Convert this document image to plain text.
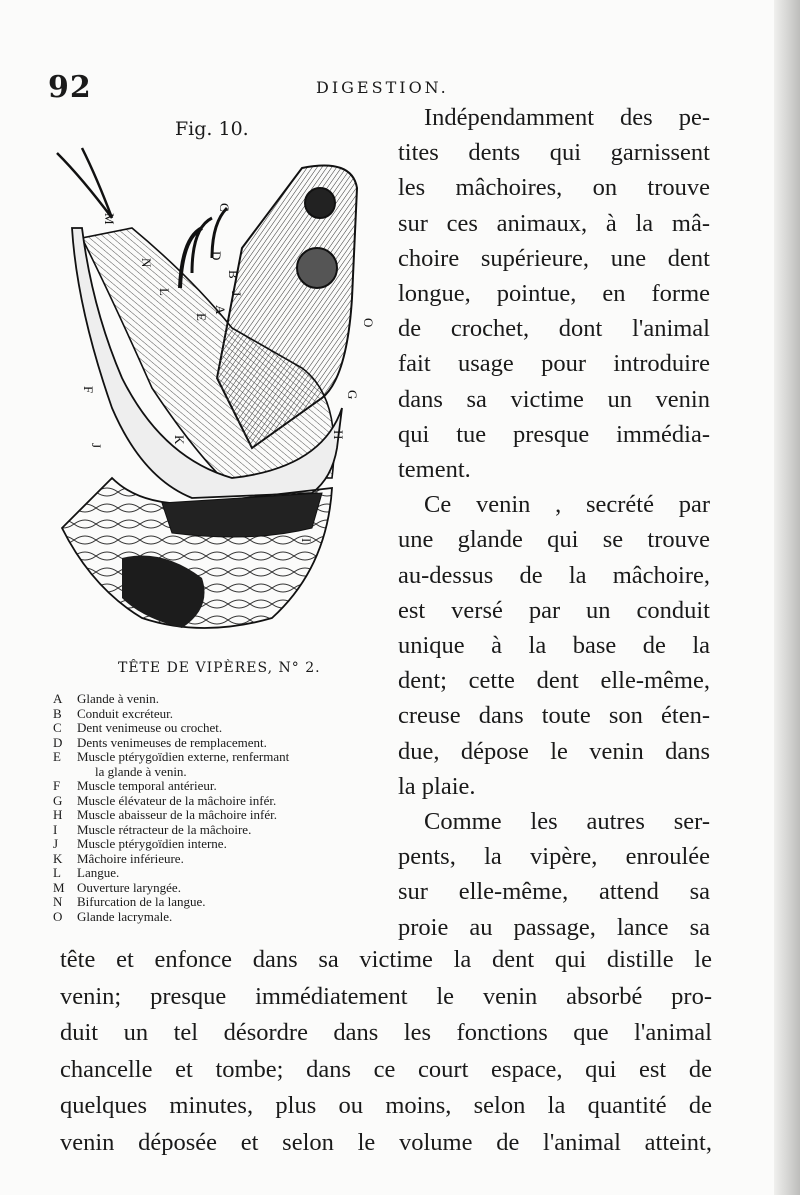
92	DIGESTION.
Fig. 10.
C
D
B
J
A
E
M
N
L
O
F
G
H
J
K
I
TÊTE DE VIPÈRES, N° 2.
A	Glande à venin.
B	Conduit excréteur.
C	Dent venimeuse ou crochet.
D	Dents venimeuses de remplacement.
E	Muscle ptérygoïdien externe, renfermant
la glande à venin.
F	Muscle temporal antérieur.
G	Muscle élévateur de la mâchoire infér.
H	Muscle abaisseur de la mâchoire infér.
I	Muscle rétracteur de la mâchoire.
J	Muscle ptérygoïdien interne.
K	Mâchoire inférieure.
L	Langue.
M Ouverture laryngée.
N	Bifurcation de la langue.
O	Glande lacrymale.

Indépendamment des pe-
tites dents qui garnissent
les mâchoires, on trouve
sur ces animaux, à la mâ-
choire supérieure, une dent
longue, pointue, en forme
de crochet, dont l'animal
fait usage pour introduire
dans sa victime un venin
qui tue presque immédia-
tement.

Ce venin , secrété par
une glande qui se trouve
au-dessus de la mâchoire,
est versé par un conduit
unique à la base de la
dent; cette dent elle-même,
creuse dans toute son éten-
due, dépose le venin dans
la plaie.

Comme les autres ser-
pents, la vipère, enroulée
sur elle-même, attend sa
proie au passage, lance sa

tête et enfonce dans sa victime la dent qui distille le
venin; presque immédiatement le venin absorbé pro-
duit un tel désordre dans les fonctions que l'animal
chancelle et tombe; dans ce court espace, qui est de
quelques minutes, plus ou moins, selon la quantité de
venin déposée et selon le volume de l'animal atteint,
